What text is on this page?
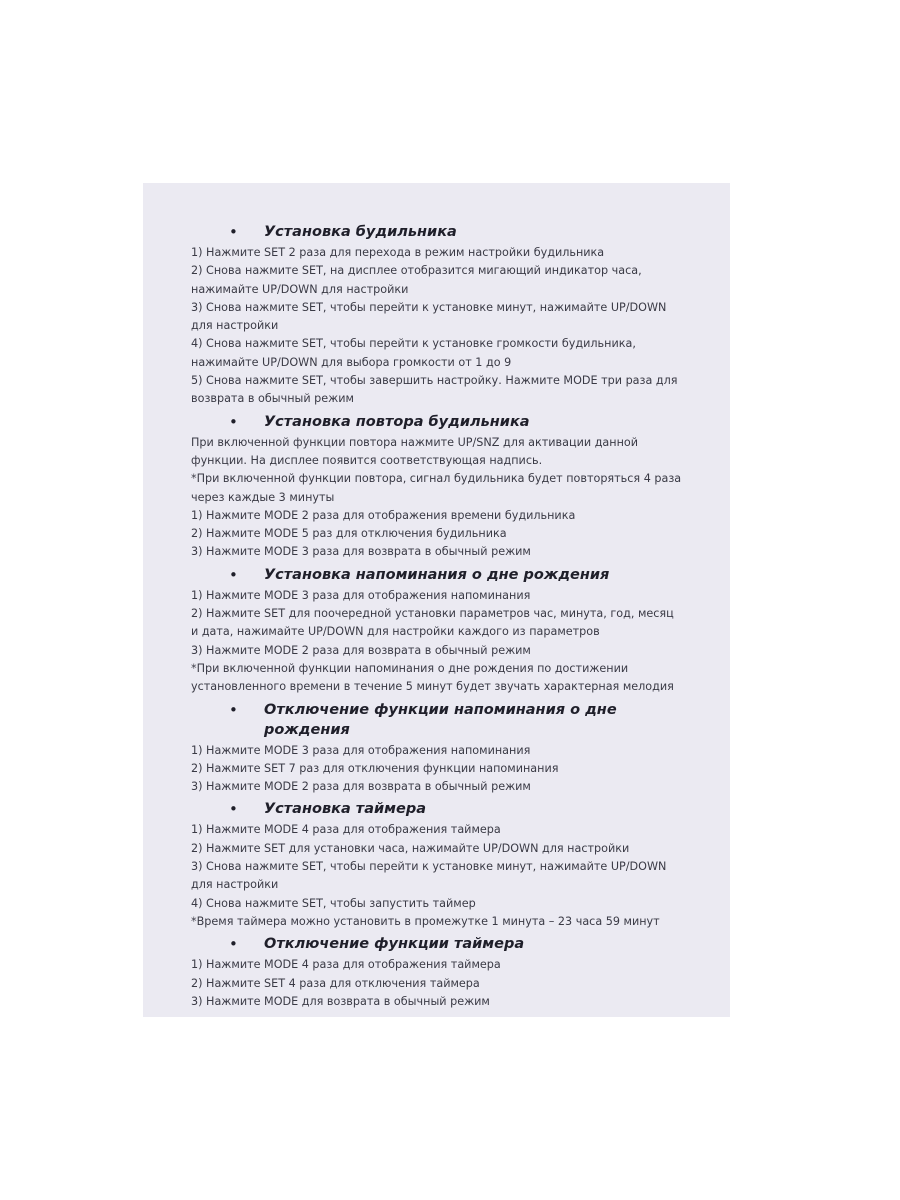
•	Установка будильника
1) Нажмите SET 2 раза для перехода в режим настройки будильника
2) Снова нажмите SET, на дисплее отобразится мигающий индикатор часа,
нажимайте UP/DOWN для настройки
3) Снова нажмите SET, чтобы перейти к установке минут, нажимайте UP/DOWN
для настройки
4) Снова нажмите SET, чтобы перейти к установке громкости будильника,
нажимайте UP/DOWN для выбора громкости от 1 до 9
5) Снова нажмите SET, чтобы завершить настройку. Нажмите MODE три раза для
возврата в обычный режим
•	Установка повтора будильника
При включенной функции повтора нажмите UP/SNZ для активации данной
функции. На дисплее появится соответствующая надпись.
*При включенной функции повтора, сигнал будильника будет повторяться 4 раза
через каждые 3 минуты
1) Нажмите MODE 2 раза для отображения времени будильника
2) Нажмите MODE 5 раз для отключения будильника
3) Нажмите MODE 3 раза для возврата в обычный режим
•	Установка напоминания о дне рождения
1) Нажмите MODE 3 раза для отображения напоминания
2) Нажмите SET для поочередной установки параметров час, минута, год, месяц
и дата, нажимайте UP/DOWN для настройки каждого из параметров
3) Нажмите MODE 2 раза для возврата в обычный режим
*При включенной функции напоминания о дне рождения по достижении
установленного времени в течение 5 минут будет звучать характерная мелодия
•	Отключение функции напоминания о дне рождения
1) Нажмите MODE 3 раза для отображения напоминания
2) Нажмите SET 7 раз для отключения функции напоминания
3) Нажмите MODE 2 раза для возврата в обычный режим
•	Установка таймера
1) Нажмите MODE 4 раза для отображения таймера
2) Нажмите SET для установки часа, нажимайте UP/DOWN для настройки
3) Снова нажмите SET, чтобы перейти к установке минут, нажимайте UP/DOWN
для настройки
4) Снова нажмите SET, чтобы запустить таймер
*Время таймера можно установить в промежутке 1 минута – 23 часа 59 минут
•	Отключение функции таймера
1) Нажмите MODE 4 раза для отображения таймера
2) Нажмите SET 4 раза для отключения таймера
3) Нажмите MODE для возврата в обычный режим
